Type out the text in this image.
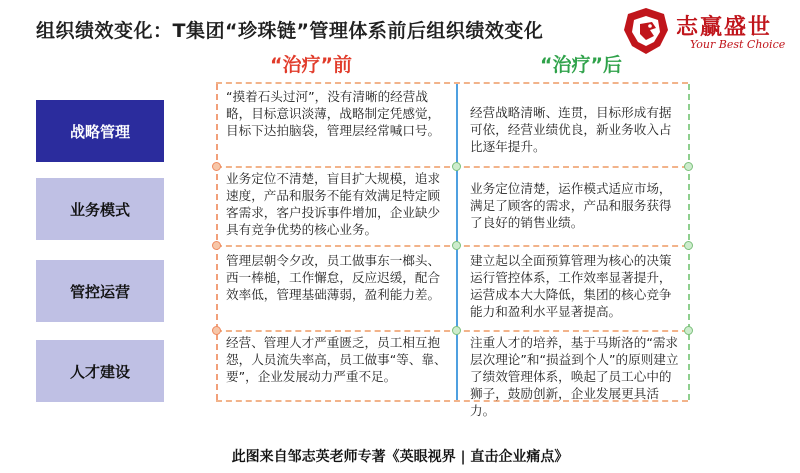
组织绩效变化：T集团“珍珠链”管理体系前后组织绩效变化	志赢盛世
Your Best Choice
“治疗”前	“治疗”后
战略管理
业务模式
管控运营
人才建设
“摸着石头过河”，没有清晰的经营战略，目标意识淡薄，战略制定凭感觉，目标下达拍脑袋，管理层经常喊口号。
业务定位不清楚，盲目扩大规模，追求速度，产品和服务不能有效满足特定顾客需求，客户投诉事件增加，企业缺少具有竞争优势的核心业务。
管理层朝令夕改，员工做事东一榔头、西一棒槌，工作懈怠，反应迟缓，配合效率低，管理基础薄弱，盈利能力差。
经营、管理人才严重匮乏，员工相互抱怨，人员流失率高，员工做事“等、靠、要”，企业发展动力严重不足。
经营战略清晰、连贯，目标形成有据可依，经营业绩优良，新业务收入占比逐年提升。
业务定位清楚，运作模式适应市场，满足了顾客的需求，产品和服务获得了良好的销售业绩。
建立起以全面预算管理为核心的决策运行管控体系，工作效率显著提升，运营成本大大降低，集团的核心竞争能力和盈利水平显著提高。
注重人才的培养，基于马斯洛的“需求层次理论”和“损益到个人”的原则建立了绩效管理体系，唤起了员工心中的狮子，鼓励创新，企业发展更具活力。
此图来自邹志英老师专著《英眼视界 | 直击企业痛点》
